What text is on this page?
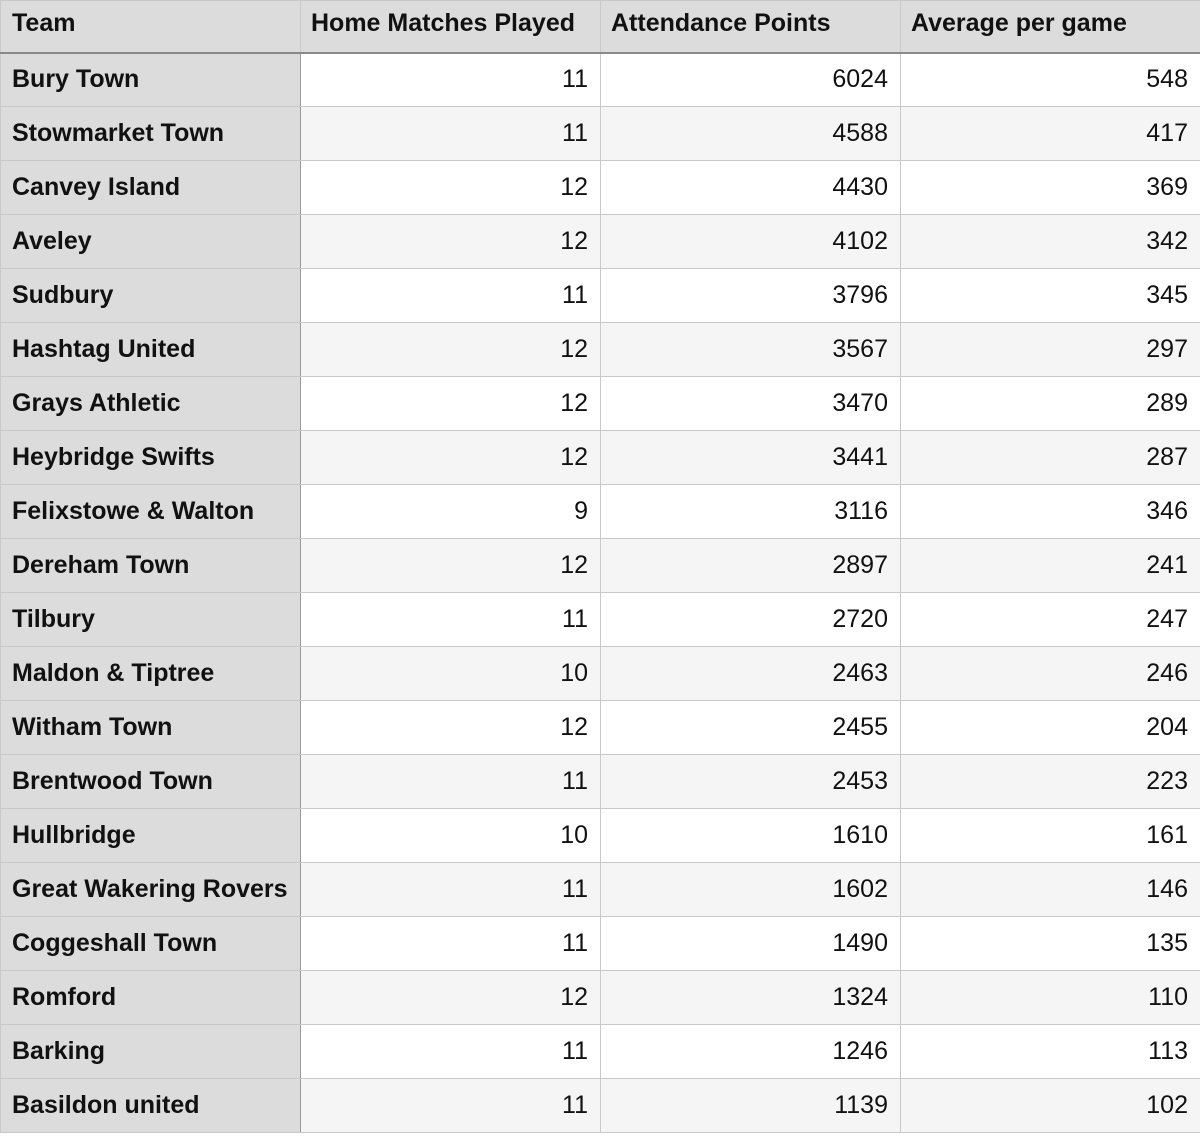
Team	Home Matches Played	Attendance Points	Average per game
Bury Town	11	6024	548
Stowmarket Town	11	4588	417
Canvey Island	12	4430	369
Aveley	12	4102	342
Sudbury	11	3796	345
Hashtag United	12	3567	297
Grays Athletic	12	3470	289
Heybridge Swifts	12	3441	287
Felixstowe & Walton	9	3116	346
Dereham Town	12	2897	241
Tilbury	11	2720	247
Maldon & Tiptree	10	2463	246
Witham Town	12	2455	204
Brentwood Town	11	2453	223
Hullbridge	10	1610	161
Great Wakering Rovers	11	1602	146
Coggeshall Town	11	1490	135
Romford	12	1324	110
Barking	11	1246	113
Basildon united	11	1139	102
